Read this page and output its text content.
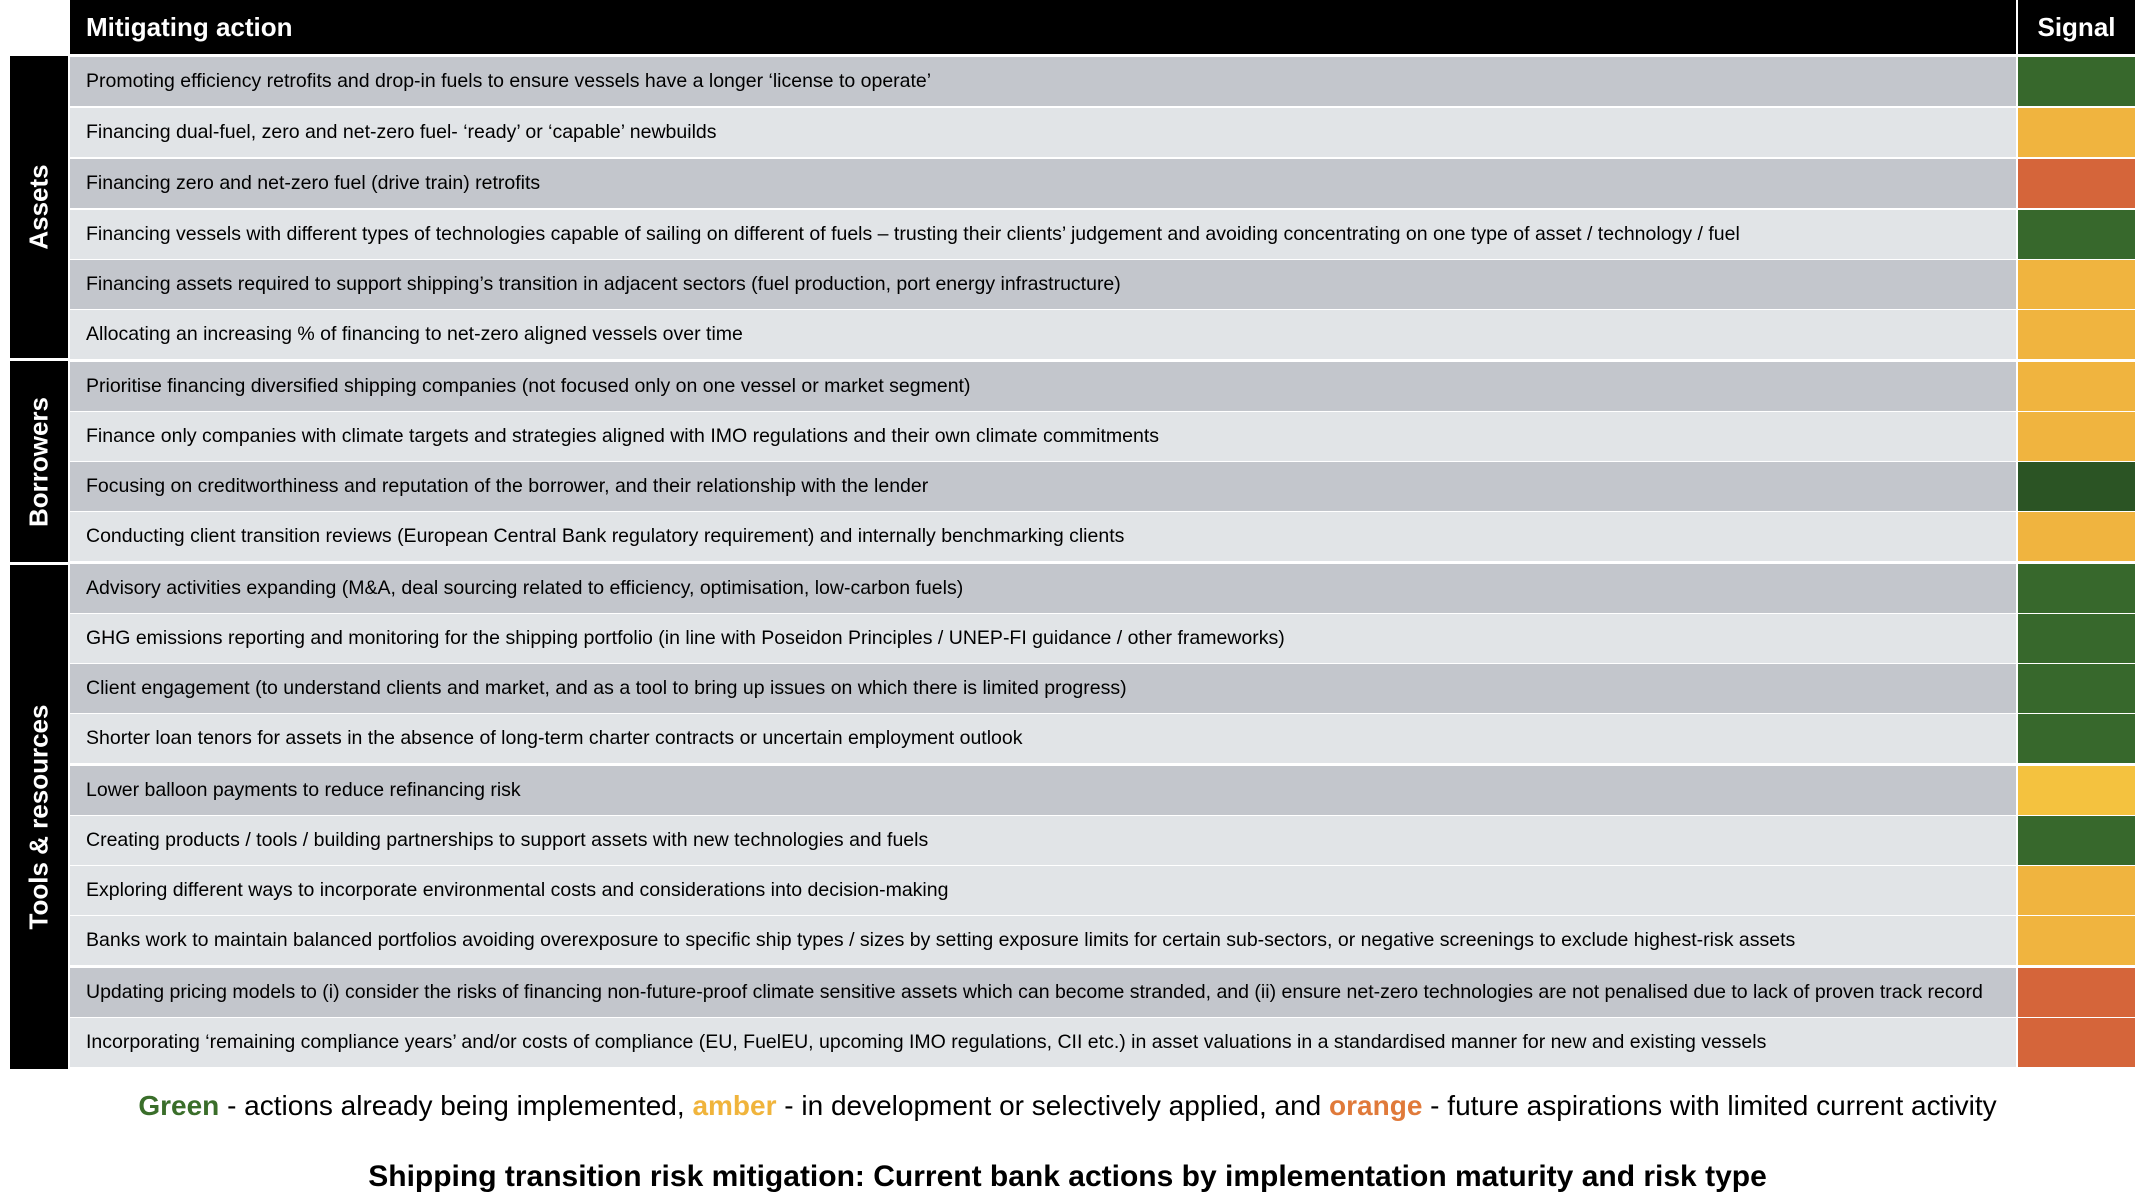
Mitigating action	Signal
Assets
Borrowers
Tools & resources
Promoting efficiency retrofits and drop-in fuels to ensure vessels have a longer ‘license to operate’
Financing dual-fuel, zero and net-zero fuel- ‘ready’ or ‘capable’ newbuilds
Financing zero and net-zero fuel (drive train) retrofits
Financing vessels with different types of technologies capable of sailing on different of fuels – trusting their clients’ judgement and avoiding concentrating on one type of asset / technology / fuel
Financing assets required to support shipping’s transition in adjacent sectors (fuel production, port energy infrastructure)
Allocating an increasing % of financing to net-zero aligned vessels over time
Prioritise financing diversified shipping companies (not focused only on one vessel or market segment)
Finance only companies with climate targets and strategies aligned with IMO regulations and their own climate commitments
Focusing on creditworthiness and reputation of the borrower, and their relationship with the lender
Conducting client transition reviews (European Central Bank regulatory requirement) and internally benchmarking clients
Advisory activities expanding (M&A, deal sourcing related to efficiency, optimisation, low-carbon fuels)
GHG emissions reporting and monitoring for the shipping portfolio (in line with Poseidon Principles / UNEP-FI guidance / other frameworks)
Client engagement (to understand clients and market, and as a tool to bring up issues on which there is limited progress)
Shorter loan tenors for assets in the absence of long-term charter contracts or uncertain employment outlook
Lower balloon payments to reduce refinancing risk
Creating products / tools / building partnerships to support assets with new technologies and fuels
Exploring different ways to incorporate environmental costs and considerations into decision-making
Banks work to maintain balanced portfolios avoiding overexposure to specific ship types / sizes by setting exposure limits for certain sub-sectors, or negative screenings to exclude highest-risk assets
Updating pricing models to (i) consider the risks of financing non-future-proof climate sensitive assets which can become stranded, and (ii) ensure net-zero technologies are not penalised due to lack of proven track record
Incorporating ‘remaining compliance years’ and/or costs of compliance (EU, FuelEU, upcoming IMO regulations, CII etc.) in asset valuations in a standardised manner for new and existing vessels
Green - actions already being implemented, amber - in development or selectively applied, and orange - future aspirations with limited current activity
Shipping transition risk mitigation: Current bank actions by implementation maturity and risk type
